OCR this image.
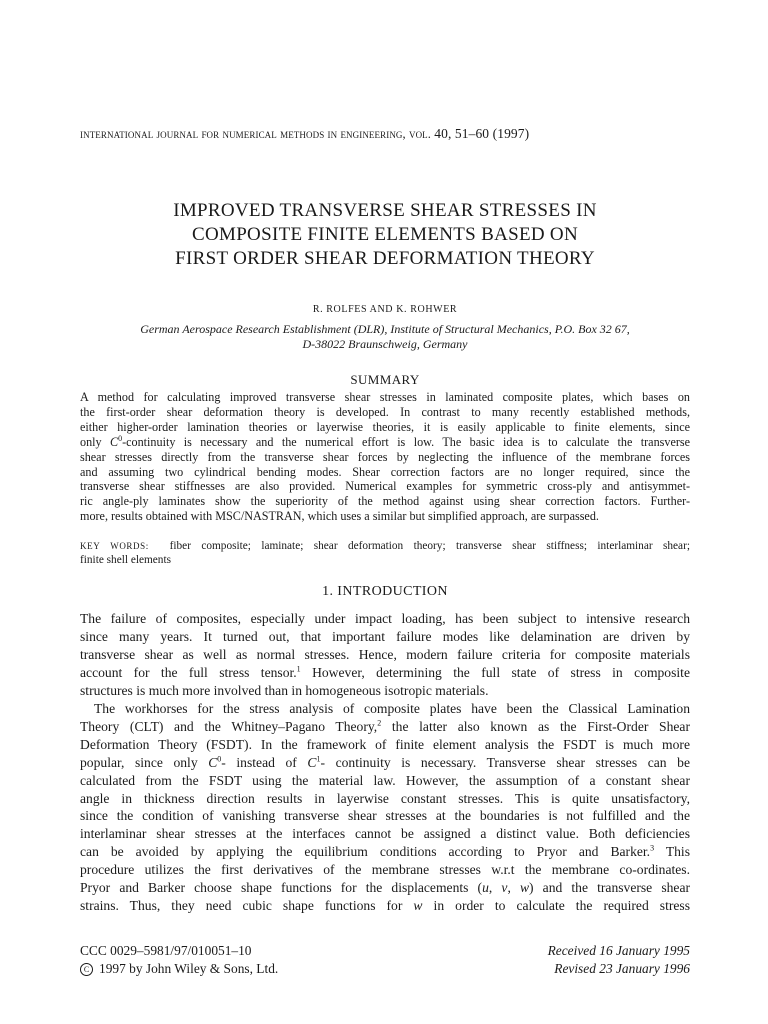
international journal for numerical methods in engineering, vol. 40, 51–60 (1997)
IMPROVED TRANSVERSE SHEAR STRESSES IN
COMPOSITE FINITE ELEMENTS BASED ON
FIRST ORDER SHEAR DEFORMATION THEORY
R. ROLFES AND K. ROHWER
German Aerospace Research Establishment (DLR), Institute of Structural Mechanics, P.O. Box 32 67,
D-38022 Braunschweig, Germany
SUMMARY
A method for calculating improved transverse shear stresses in laminated composite plates, which bases on
the first-order shear deformation theory is developed. In contrast to many recently established methods,
either higher-order lamination theories or layerwise theories, it is easily applicable to finite elements, since
only $C^0$-continuity is necessary and the numerical effort is low. The basic idea is to calculate the transverse
shear stresses directly from the transverse shear forces by neglecting the influence of the membrane forces
and assuming two cylindrical bending modes. Shear correction factors are no longer required, since the
transverse shear stiffnesses are also provided. Numerical examples for symmetric cross-ply and antisymmet-
ric angle-ply laminates show the superiority of the method against using shear correction factors. Further-
more, results obtained with MSC/NASTRAN, which uses a similar but simplified approach, are surpassed.
KEY WORDS: fiber composite; laminate; shear deformation theory; transverse shear stiffness; interlaminar shear;
finite shell elements
1. INTRODUCTION
The failure of composites, especially under impact loading, has been subject to intensive research
since many years. It turned out, that important failure modes like delamination are driven by
transverse shear as well as normal stresses. Hence, modern failure criteria for composite materials
account for the full stress tensor.$^1$ However, determining the full state of stress in composite
structures is much more involved than in homogeneous isotropic materials.
The workhorses for the stress analysis of composite plates have been the Classical Lamination
Theory (CLT) and the Whitney–Pagano Theory,$^2$ the latter also known as the First-Order Shear
Deformation Theory (FSDT). In the framework of finite element analysis the FSDT is much more
popular, since only $C^0-$ instead of $C^1-$ continuity is necessary. Transverse shear stresses can be
calculated from the FSDT using the material law. However, the assumption of a constant shear
angle in thickness direction results in layerwise constant stresses. This is quite unsatisfactory,
since the condition of vanishing transverse shear stresses at the boundaries is not fulfilled and the
interlaminar shear stresses at the interfaces cannot be assigned a distinct value. Both deficiencies
can be avoided by applying the equilibrium conditions according to Pryor and Barker.$^3$ This
procedure utilizes the first derivatives of the membrane stresses w.r.t the membrane co-ordinates.
Pryor and Barker choose shape functions for the displacements (u, v, w) and the transverse shear
strains. Thus, they need cubic shape functions for w in order to calculate the required stress
CCC 0029–5981/97/010051–10
C 1997 by John Wiley & Sons, Ltd.
Received 16 January 1995
Revised 23 January 1996
